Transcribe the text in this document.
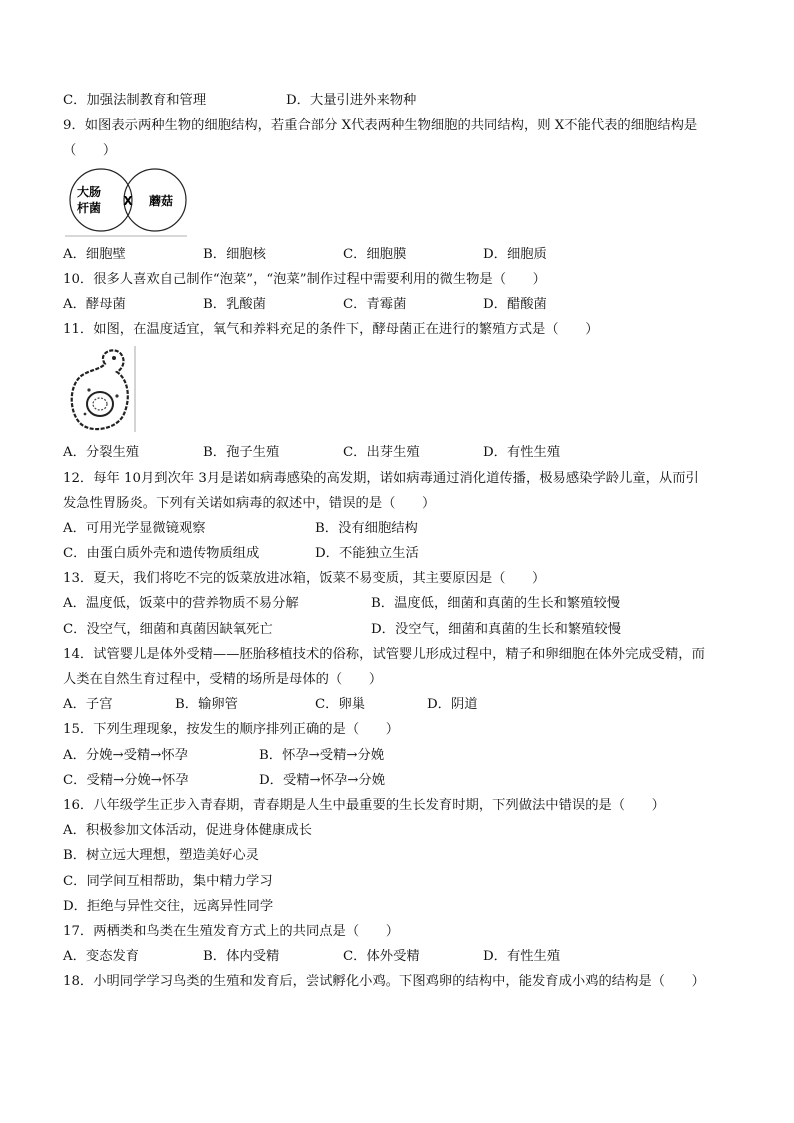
C．加强法制教育和管理	D．大量引进外来物种
9．如图表示两种生物的细胞结构，若重合部分 X代表两种生物细胞的共同结构，则 X不能代表的细胞结构是
（　　）
大肠
杆菌 X 蘑菇
A．细胞壁	B．细胞核	C．细胞膜	D．细胞质
10．很多人喜欢自己制作“泡菜”，“泡菜”制作过程中需要利用的微生物是（　　）
A．酵母菌	B．乳酸菌	C．青霉菌	D．醋酸菌
11．如图，在温度适宜，氧气和养料充足的条件下，酵母菌正在进行的繁殖方式是（　　）
A．分裂生殖	B．孢子生殖	C．出芽生殖	D．有性生殖
12．每年 10月到次年 3月是诺如病毒感染的高发期，诺如病毒通过消化道传播，极易感染学龄儿童，从而引
发急性胃肠炎。下列有关诺如病毒的叙述中，错误的是（　　）
A．可用光学显微镜观察	B．没有细胞结构
C．由蛋白质外壳和遗传物质组成	D．不能独立生活
13．夏天，我们将吃不完的饭菜放进冰箱，饭菜不易变质，其主要原因是（　　）
A．温度低，饭菜中的营养物质不易分解	B．温度低，细菌和真菌的生长和繁殖较慢
C．没空气，细菌和真菌因缺氧死亡	D．没空气，细菌和真菌的生长和繁殖较慢
14．试管婴儿是体外受精——胚胎移植技术的俗称，试管婴儿形成过程中，精子和卵细胞在体外完成受精，而
人类在自然生育过程中，受精的场所是母体的（　　）
A．子宫	B．输卵管	C．卵巢	D．阴道
15．下列生理现象，按发生的顺序排列正确的是（　　）
A．分娩→受精→怀孕	B．怀孕→受精→分娩
C．受精→分娩→怀孕	D．受精→怀孕→分娩
16．八年级学生正步入青春期，青春期是人生中最重要的生长发育时期，下列做法中错误的是（　　）
A．积极参加文体活动，促进身体健康成长
B．树立远大理想，塑造美好心灵
C．同学间互相帮助，集中精力学习
D．拒绝与异性交往，远离异性同学
17．两栖类和鸟类在生殖发育方式上的共同点是（　　）
A．变态发育	B．体内受精	C．体外受精	D．有性生殖
18．小明同学学习鸟类的生殖和发育后，尝试孵化小鸡。下图鸡卵的结构中，能发育成小鸡的结构是（　　）
